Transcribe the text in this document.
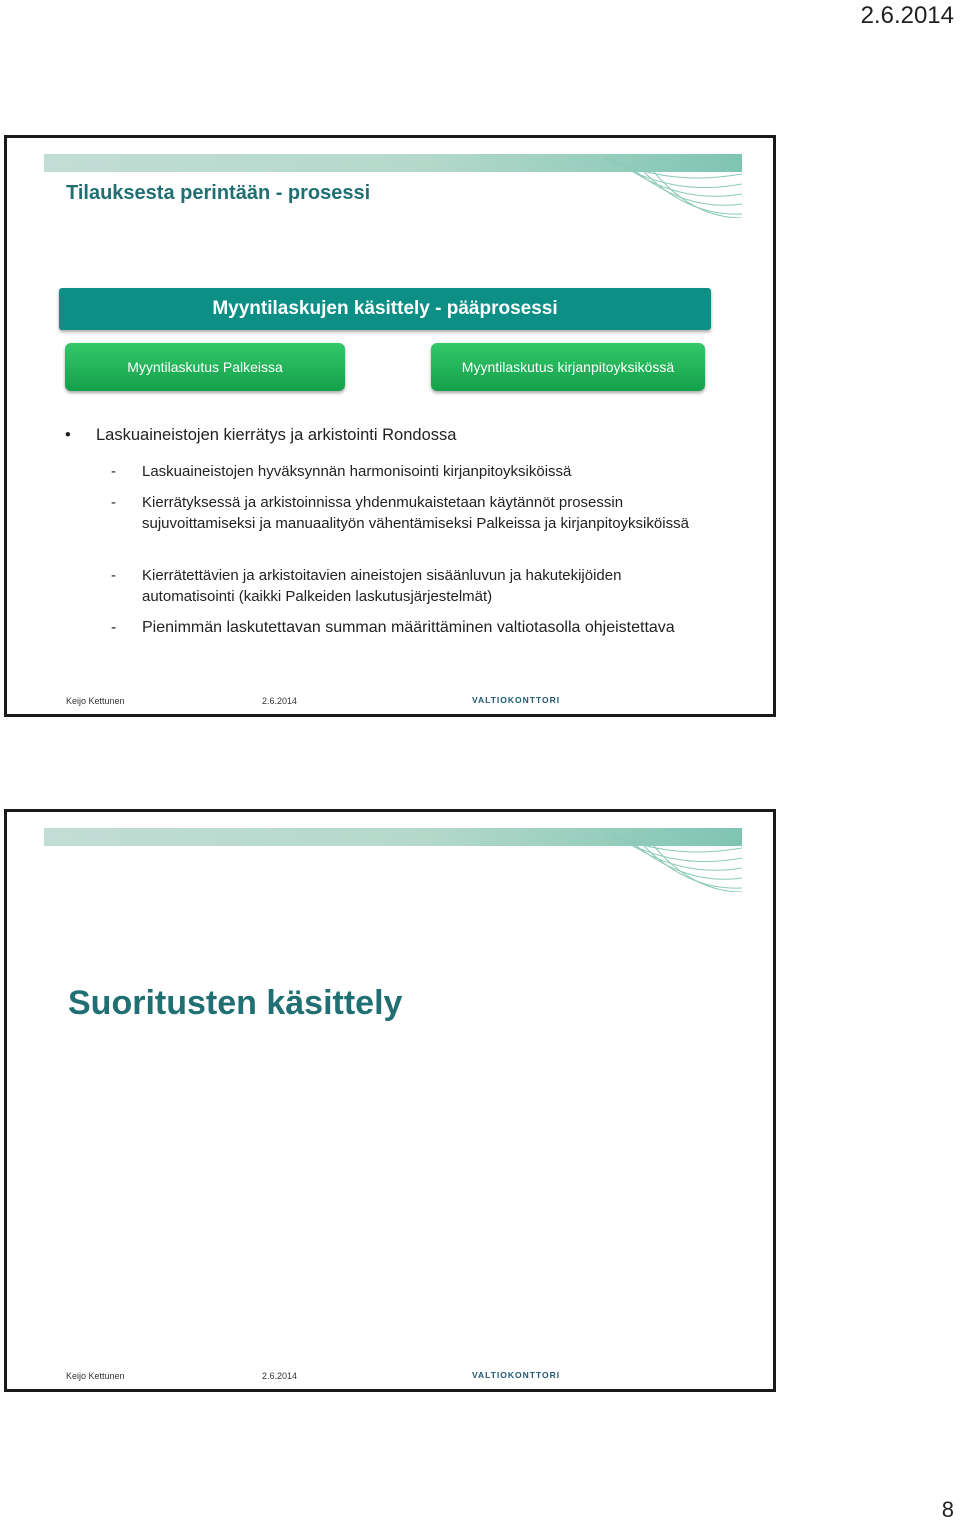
2.6.2014
Tilauksesta perintään - prosessi
Myyntilaskujen käsittely - pääprosessi
Myyntilaskutus Palkeissa	Myyntilaskutus kirjanpitoyksikössä
• Laskuaineistojen kierrätys ja arkistointi Rondossa
- Laskuaineistojen hyväksynnän harmonisointi kirjanpitoyksiköissä
- Kierrätyksessä ja arkistoinnissa yhdenmukaistetaan käytännöt prosessin sujuvoittamiseksi ja manuaalityön vähentämiseksi Palkeissa ja kirjanpitoyksiköissä
- Kierrätettävien ja arkistoitavien aineistojen sisäänluvun ja hakutekijöiden automatisointi (kaikki Palkeiden laskutusjärjestelmät)
- Pienimmän laskutettavan summan määrittäminen valtiotasolla ohjeistettava
Keijo Kettunen	2.6.2014	VALTIOKONTTORI
Suoritusten käsittely
Keijo Kettunen	2.6.2014	VALTIOKONTTORI
8
